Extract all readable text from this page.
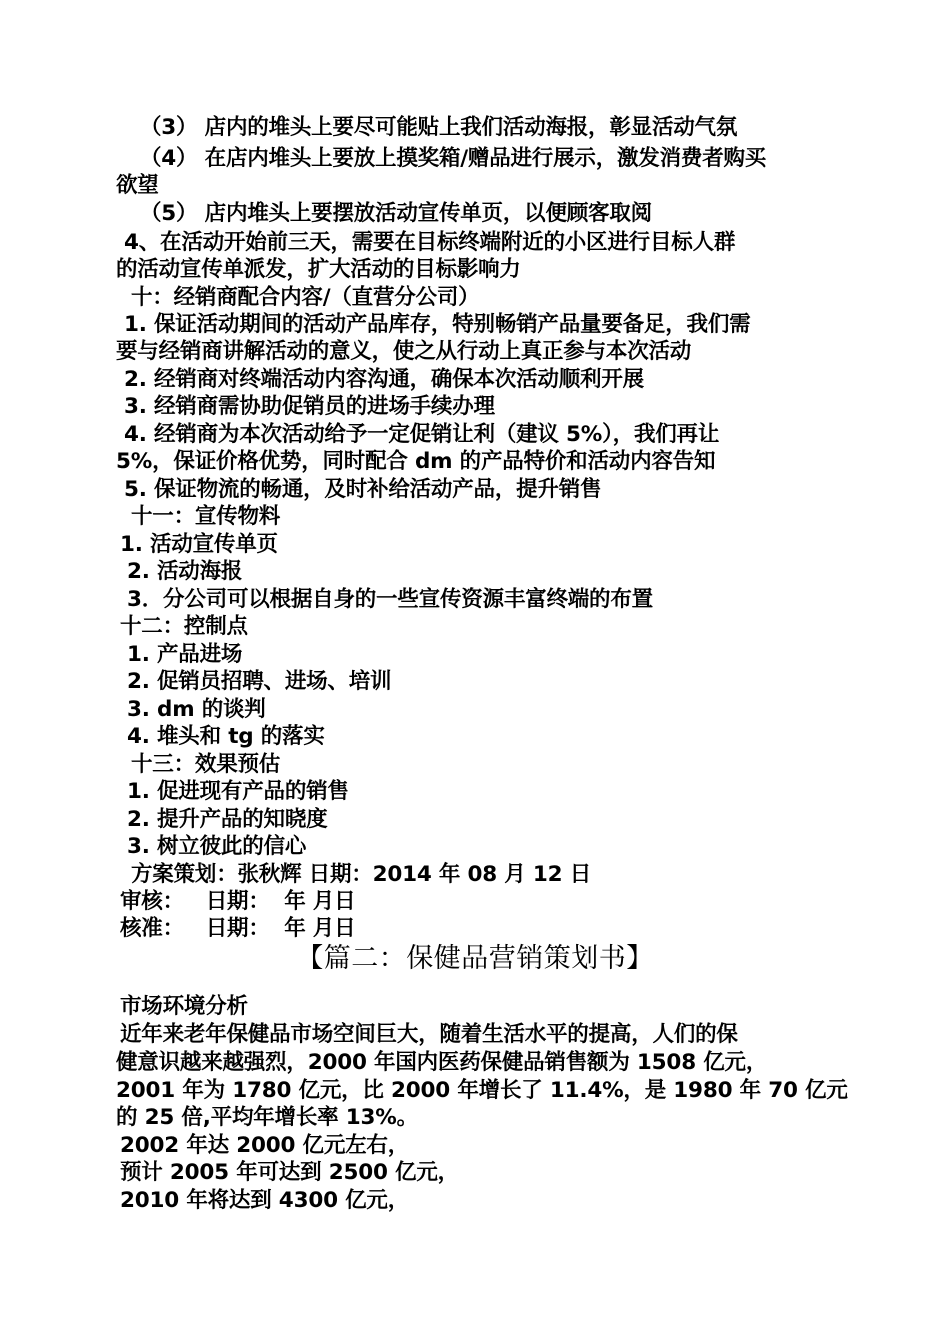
（3） 店内的堆头上要尽可能贴上我们活动海报，彰显活动气氛
（4） 在店内堆头上要放上摸奖箱/赠品进行展示，激发消费者购买
欲望
（5） 店内堆头上要摆放活动宣传单页，以便顾客取阅
4、在活动开始前三天，需要在目标终端附近的小区进行目标人群
的活动宣传单派发，扩大活动的目标影响力
十：经销商配合内容/（直营分公司）
1. 保证活动期间的活动产品库存，特别畅销产品量要备足，我们需
要与经销商讲解活动的意义，使之从行动上真正参与本次活动
2. 经销商对终端活动内容沟通，确保本次活动顺利开展
3. 经销商需协助促销员的进场手续办理
4. 经销商为本次活动给予一定促销让利（建议 5%），我们再让
5%，保证价格优势，同时配合 dm 的产品特价和活动内容告知
5. 保证物流的畅通，及时补给活动产品，提升销售
十一：宣传物料
1. 活动宣传单页
2. 活动海报
3．分公司可以根据自身的一些宣传资源丰富终端的布置
十二：控制点
1. 产品进场
2. 促销员招聘、进场、培训
3. dm 的谈判
4. 堆头和 tg 的落实
十三：效果预估
1. 促进现有产品的销售
2. 提升产品的知晓度
3. 树立彼此的信心
方案策划：张秋辉 日期：2014 年 08 月 12 日
审核：   日期：  年 月日
核准：   日期：  年 月日
【篇二：保健品营销策划书】
市场环境分析
近年来老年保健品市场空间巨大，随着生活水平的提高，人们的保
健意识越来越强烈，2000 年国内医药保健品销售额为 1508 亿元，
2001 年为 1780 亿元，比 2000 年增长了 11.4%，是 1980 年 70 亿元
的 25 倍,平均年增长率 13%。
2002 年达 2000 亿元左右，
预计 2005 年可达到 2500 亿元，
2010 年将达到 4300 亿元，
